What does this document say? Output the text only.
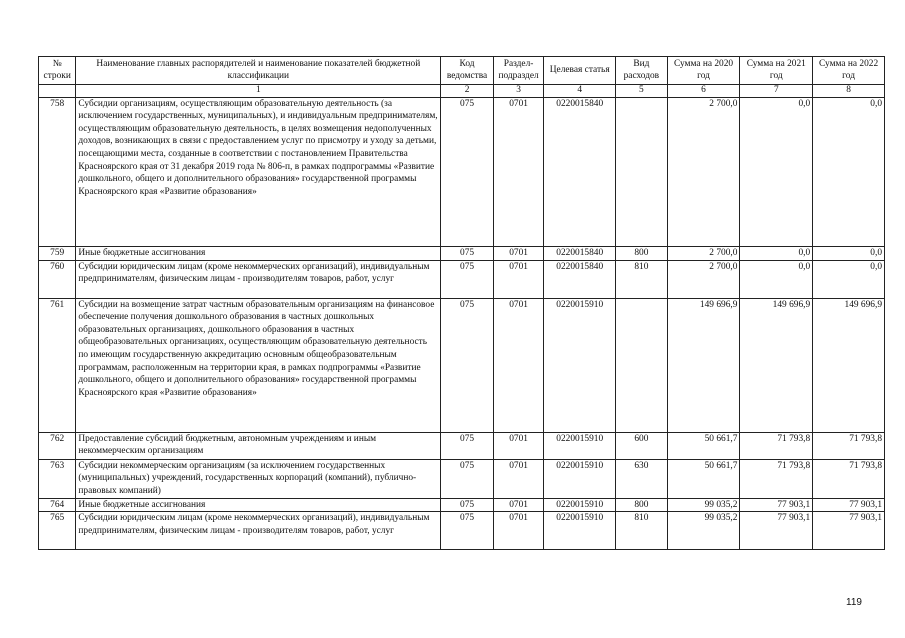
№ строки	Наименование главных распорядителей и наименование показателей бюджетной классификации	Код ведомства	Раздел-подраздел	Целевая статья	Вид расходов	Сумма на 2020 год	Сумма на 2021 год	Сумма на 2022 год
	1	2	3	4	5	6	7	8
758	Субсидии организациям, осуществляющим образовательную деятельность (за исключением государственных, муниципальных), и индивидуальным предпринимателям, осуществляющим образовательную деятельность, в целях возмещения недополученных доходов, возникающих в связи с предоставлением услуг по присмотру и уходу за детьми, посещающими места, созданные в соответствии с постановлением Правительства Красноярского края от 31 декабря 2019 года № 806-п, в рамках подпрограммы «Развитие дошкольного, общего и дополнительного образования» государственной программы Красноярского края «Развитие образования»	075	0701	0220015840		2 700,0	0,0	0,0
759	Иные бюджетные ассигнования	075	0701	0220015840	800	2 700,0	0,0	0,0
760	Субсидии юридическим лицам (кроме некоммерческих организаций), индивидуальным предпринимателям, физическим лицам - производителям товаров, работ, услуг	075	0701	0220015840	810	2 700,0	0,0	0,0
761	Субсидии на возмещение затрат частным образовательным организациям на финансовое обеспечение получения дошкольного образования в частных дошкольных образовательных организациях, дошкольного образования в частных общеобразовательных организациях, осуществляющим образовательную деятельность по имеющим государственную аккредитацию основным общеобразовательным программам, расположенным на территории края, в рамках подпрограммы «Развитие дошкольного, общего и дополнительного образования» государственной программы Красноярского края «Развитие образования»	075	0701	0220015910		149 696,9	149 696,9	149 696,9
762	Предоставление субсидий бюджетным, автономным учреждениям и иным некоммерческим организациям	075	0701	0220015910	600	50 661,7	71 793,8	71 793,8
763	Субсидии некоммерческим организациям (за исключением государственных (муниципальных) учреждений, государственных корпораций (компаний), публично-правовых компаний)	075	0701	0220015910	630	50 661,7	71 793,8	71 793,8
764	Иные бюджетные ассигнования	075	0701	0220015910	800	99 035,2	77 903,1	77 903,1
765	Субсидии юридическим лицам (кроме некоммерческих организаций), индивидуальным предпринимателям, физическим лицам - производителям товаров, работ, услуг	075	0701	0220015910	810	99 035,2	77 903,1	77 903,1
119
